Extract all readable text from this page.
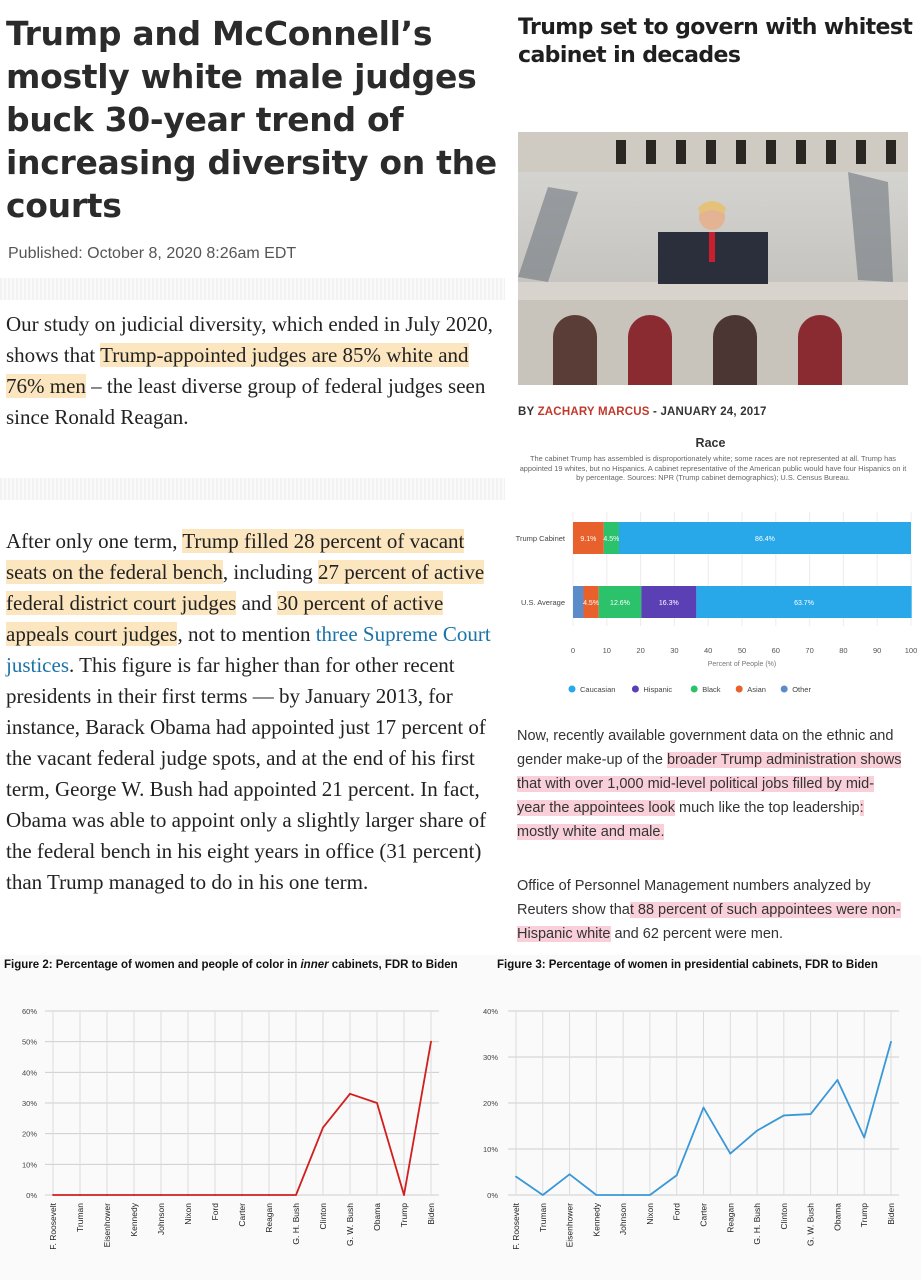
Trump and McConnell’s mostly white male judges buck 30-year trend of increasing diversity on the courts
Published: October 8, 2020 8:26am EDT

Our study on judicial diversity, which ended in July 2020, shows that Trump-appointed judges are 85% white and 76% men – the least diverse group of federal judges seen since Ronald Reagan.

After only one term, Trump filled 28 percent of vacant seats on the federal bench, including 27 percent of active federal district court judges and 30 percent of active appeals court judges, not to mention three Supreme Court justices. This figure is far higher than for other recent presidents in their first terms — by January 2013, for instance, Barack Obama had appointed just 17 percent of the vacant federal judge spots, and at the end of his first term, George W. Bush had appointed 21 percent. In fact, Obama was able to appoint only a slightly larger share of the federal bench in his eight years in office (31 percent) than Trump managed to do in his one term.

Trump set to govern with whitest cabinet in decades
BY ZACHARY MARCUS - JANUARY 24, 2017
Race
The cabinet Trump has assembled is disproportionately white; some races are not represented at all. Trump has appointed 19 whites, but no Hispanics. A cabinet representative of the American public would have four Hispanics on it by percentage. Sources: NPR (Trump cabinet demographics); U.S. Census Bureau.
0	10	20	30	40	50	60	70	80	90	100
Percent of People (%)
Trump Cabinet 9.1% 4.5%	86.4%
U.S. Average	4.5% 12.6%	16.3%	63.7%
Caucasian	Hispanic	Black	Asian	Other

Now, recently available government data on the ethnic and gender make-up of the broader Trump administration shows that with over 1,000 mid-level political jobs filled by mid-year the appointees look much like the top leadership: mostly white and male.

Office of Personnel Management numbers analyzed by Reuters show that 88 percent of such appointees were non-Hispanic white and 62 percent were men.

Figure 2: Percentage of women and people of color in inner cabinets, FDR to Biden
0%
10%
20%
30%
40%
50%
60%
F. Roosevelt Truman Eisenhower Kennedy Johnson Nixon Ford Carter Reagan G. H. Bush Clinton G. W. Bush Obama Trump Biden
Figure 3: Percentage of women in presidential cabinets, FDR to Biden
0%
10%
20%
30%
40%
F. Roosevelt Truman Eisenhower Kennedy Johnson Nixon Ford Carter Reagan G. H. Bush Clinton G. W. Bush Obama Trump Biden
